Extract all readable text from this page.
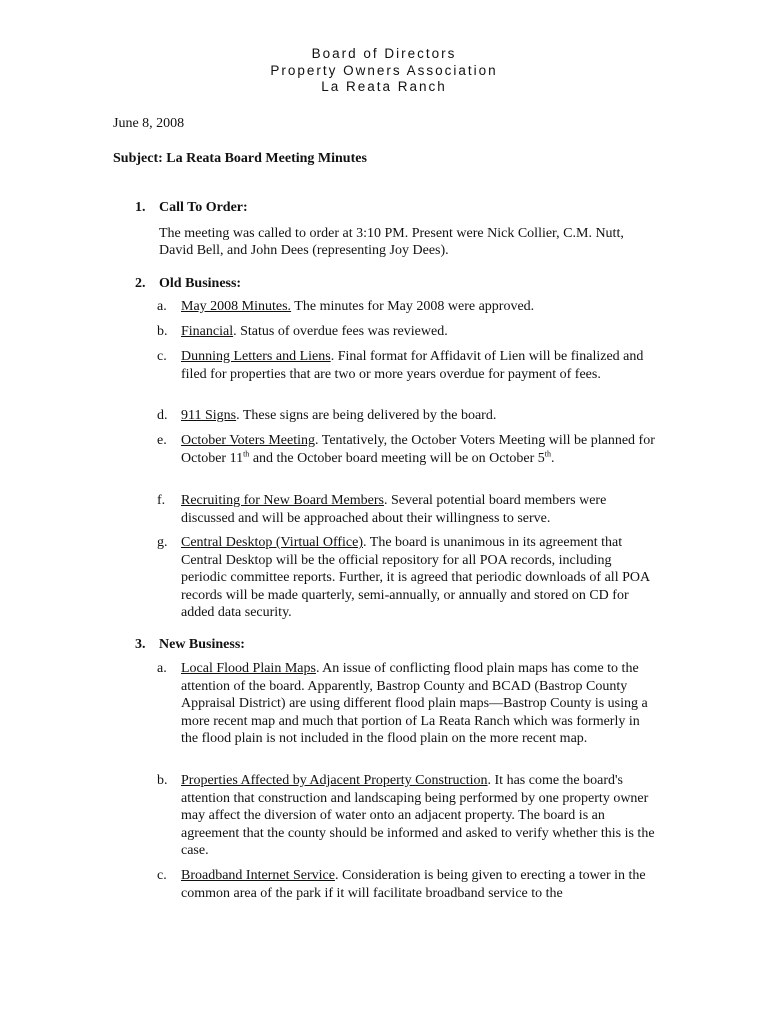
Board of Directors
Property Owners Association
La Reata Ranch
June 8, 2008
Subject: La Reata Board Meeting Minutes
1. Call To Order:
The meeting was called to order at 3:10 PM. Present were Nick Collier, C.M. Nutt, David Bell, and John Dees (representing Joy Dees).
2. Old Business:
a. May 2008 Minutes. The minutes for May 2008 were approved.
b. Financial. Status of overdue fees was reviewed.
c. Dunning Letters and Liens. Final format for Affidavit of Lien will be finalized and filed for properties that are two or more years overdue for payment of fees.
d. 911 Signs. These signs are being delivered by the board.
e. October Voters Meeting. Tentatively, the October Voters Meeting will be planned for October 11th and the October board meeting will be on October 5th.
f. Recruiting for New Board Members. Several potential board members were discussed and will be approached about their willingness to serve.
g. Central Desktop (Virtual Office). The board is unanimous in its agreement that Central Desktop will be the official repository for all POA records, including periodic committee reports. Further, it is agreed that periodic downloads of all POA records will be made quarterly, semi-annually, or annually and stored on CD for added data security.
3. New Business:
a. Local Flood Plain Maps. An issue of conflicting flood plain maps has come to the attention of the board. Apparently, Bastrop County and BCAD (Bastrop County Appraisal District) are using different flood plain maps—Bastrop County is using a more recent map and much that portion of La Reata Ranch which was formerly in the flood plain is not included in the flood plain on the more recent map.
b. Properties Affected by Adjacent Property Construction. It has come the board's attention that construction and landscaping being performed by one property owner may affect the diversion of water onto an adjacent property. The board is an agreement that the county should be informed and asked to verify whether this is the case.
c. Broadband Internet Service. Consideration is being given to erecting a tower in the common area of the park if it will facilitate broadband service to the
